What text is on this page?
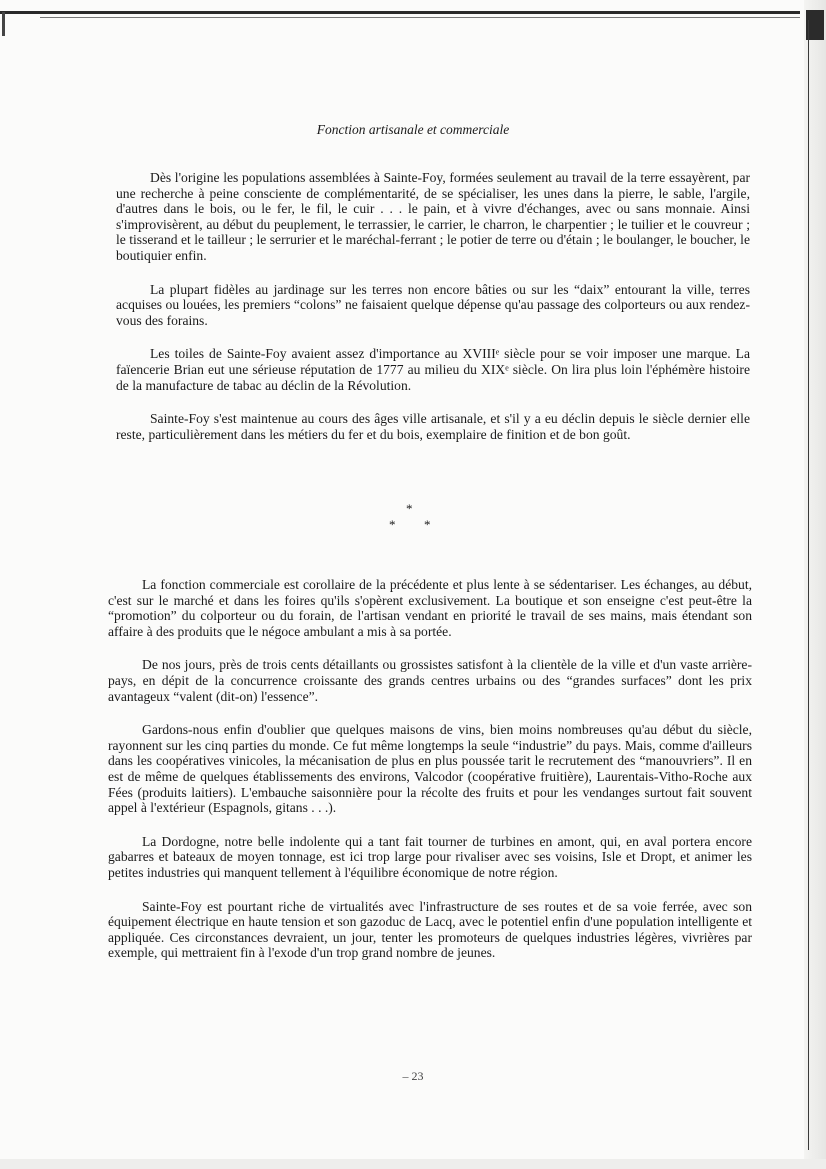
Fonction artisanale et commerciale

Dès l'origine les populations assemblées à Sainte-Foy, formées seulement au travail de la terre essayèrent, par une recherche à peine consciente de complémentarité, de se spécialiser, les unes dans la pierre, le sable, l'argile, d'autres dans le bois, ou le fer, le fil, le cuir . . . le pain, et à vivre d'échanges, avec ou sans monnaie. Ainsi s'improvisèrent, au début du peuplement, le terrassier, le carrier, le charron, le charpentier ; le tuilier et le couvreur ; le tisserand et le tailleur ; le serrurier et le maréchal-ferrant ; le potier de terre ou d'étain ; le boulanger, le boucher, le boutiquier enfin.

La plupart fidèles au jardinage sur les terres non encore bâties ou sur les “daix” entourant la ville, terres acquises ou louées, les premiers “colons” ne faisaient quelque dépense qu'au passage des colporteurs ou aux rendez-vous des forains.

Les toiles de Sainte-Foy avaient assez d'importance au XVIIIᵉ siècle pour se voir imposer une marque. La faïencerie Brian eut une sérieuse réputation de 1777 au milieu du XIXᵉ siècle. On lira plus loin l'éphémère histoire de la manufacture de tabac au déclin de la Révolution.

Sainte-Foy s'est maintenue au cours des âges ville artisanale, et s'il y a eu déclin depuis le siècle dernier elle reste, particulièrement dans les métiers du fer et du bois, exemplaire de finition et de bon goût.

*
* *

La fonction commerciale est corollaire de la précédente et plus lente à se sédentariser. Les échanges, au début, c'est sur le marché et dans les foires qu'ils s'opèrent exclusivement. La boutique et son enseigne c'est peut-être la “promotion” du colporteur ou du forain, de l'artisan vendant en priorité le travail de ses mains, mais étendant son affaire à des produits que le négoce ambulant a mis à sa portée.

De nos jours, près de trois cents détaillants ou grossistes satisfont à la clientèle de la ville et d'un vaste arrière-pays, en dépit de la concurrence croissante des grands centres urbains ou des “grandes surfaces” dont les prix avantageux “valent (dit-on) l'essence”.

Gardons-nous enfin d'oublier que quelques maisons de vins, bien moins nombreuses qu'au début du siècle, rayonnent sur les cinq parties du monde. Ce fut même longtemps la seule “industrie” du pays. Mais, comme d'ailleurs dans les coopératives vinicoles, la mécanisation de plus en plus poussée tarit le recrutement des “manouvriers”. Il en est de même de quelques établissements des environs, Valcodor (coopérative fruitière), Laurentais-Vitho-Roche aux Fées (produits laitiers). L'embauche saisonnière pour la récolte des fruits et pour les vendanges surtout fait souvent appel à l'extérieur (Espagnols, gitans . . .).

La Dordogne, notre belle indolente qui a tant fait tourner de turbines en amont, qui, en aval portera encore gabarres et bateaux de moyen tonnage, est ici trop large pour rivaliser avec ses voisins, Isle et Dropt, et animer les petites industries qui manquent tellement à l'équilibre économique de notre région.

Sainte-Foy est pourtant riche de virtualités avec l'infrastructure de ses routes et de sa voie ferrée, avec son équipement électrique en haute tension et son gazoduc de Lacq, avec le potentiel enfin d'une population intelligente et appliquée. Ces circonstances devraient, un jour, tenter les promoteurs de quelques industries légères, vivrières par exemple, qui mettraient fin à l'exode d'un trop grand nombre de jeunes.

– 23
